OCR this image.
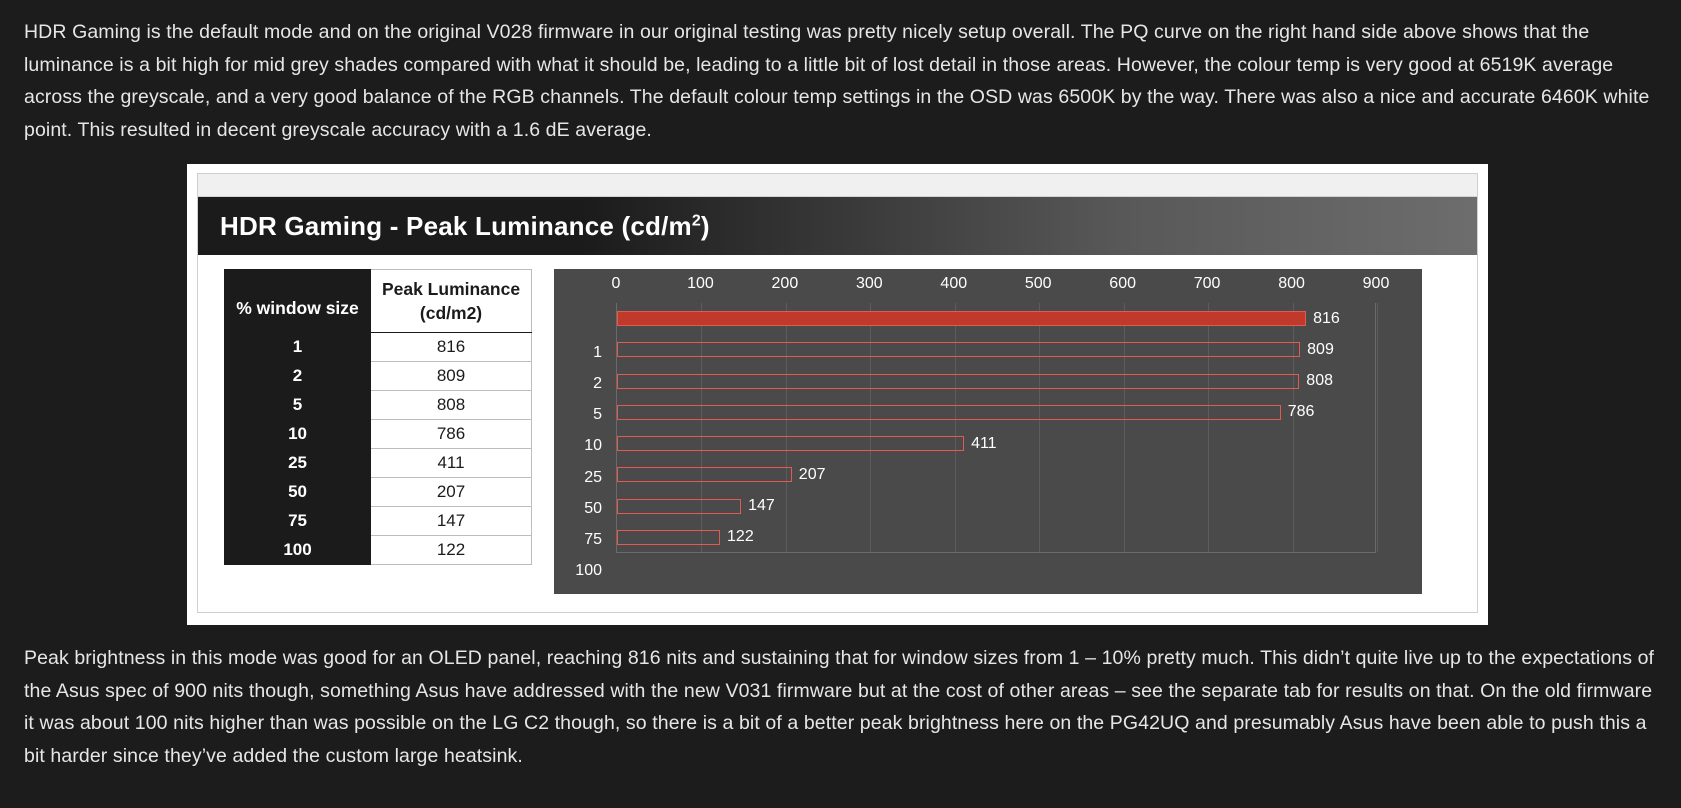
HDR Gaming is the default mode and on the original V028 firmware in our original testing was pretty nicely setup overall. The PQ curve on the right hand side above shows that the luminance is a bit high for mid grey shades compared with what it should be, leading to a little bit of lost detail in those areas. However, the colour temp is very good at 6519K average across the greyscale, and a very good balance of the RGB channels. The default colour temp settings in the OSD was 6500K by the way. There was also a nice and accurate 6460K white point. This resulted in decent greyscale accuracy with a 1.6 dE average.

HDR Gaming - Peak Luminance $(cd/m^2)$
% window size	Peak Luminance
(cd/m2)

1	816
2	809
5	808
10	786
25	411
50	207
75	147
100	122
0	100	200	300	400	500	600	700	800	900
1
2
5
10
25
50
75
100
816
809
808
786
411
207
147
122

Peak brightness in this mode was good for an OLED panel, reaching 816 nits and sustaining that for window sizes from 1 – 10% pretty much. This didn’t quite live up to the expectations of the Asus spec of 900 nits though, something Asus have addressed with the new V031 firmware but at the cost of other areas – see the separate tab for results on that. On the old firmware it was about 100 nits higher than was possible on the LG C2 though, so there is a bit of a better peak brightness here on the PG42UQ and presumably Asus have been able to push this a bit harder since they’ve added the custom large heatsink.
